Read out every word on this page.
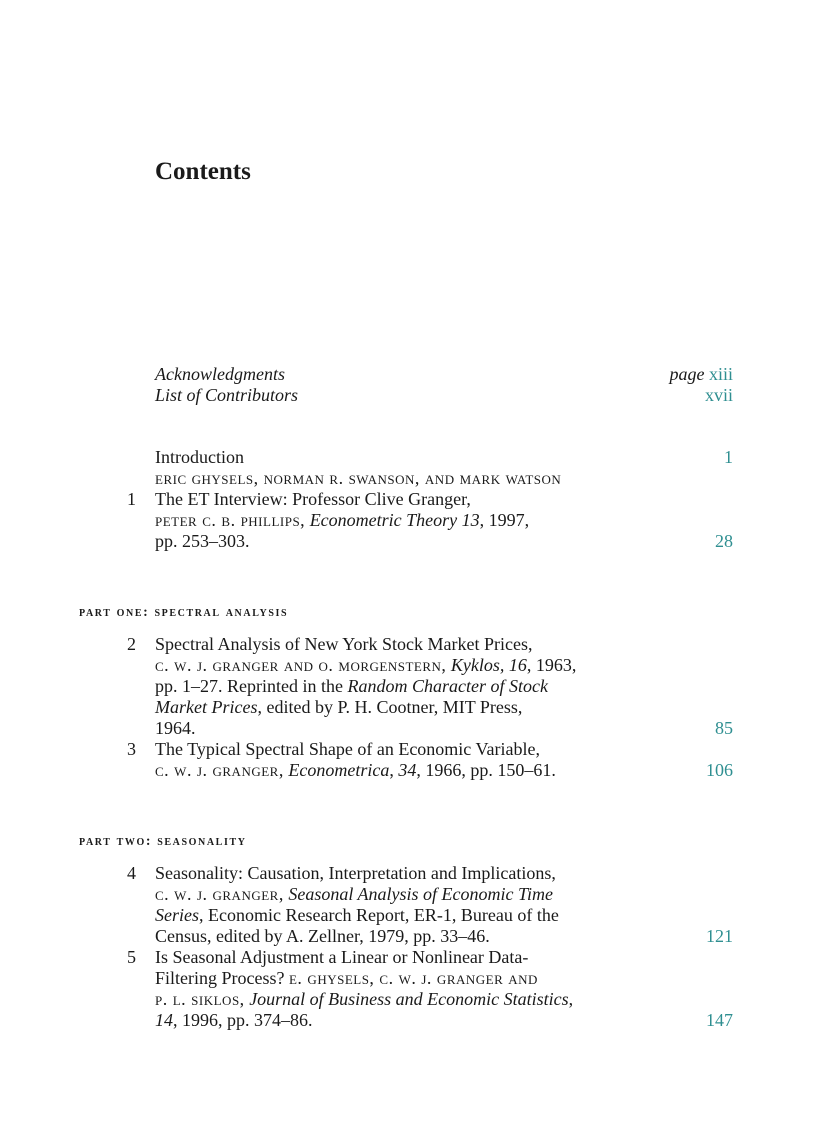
Contents
Acknowledgments	page xiii
List of Contributors	xvii
Introduction	1
eric ghysels, norman r. swanson, and mark watson
1 The ET Interview: Professor Clive Granger,
peter c. b. phillips, Econometric Theory 13, 1997,
pp. 253–303.	28
part one: spectral analysis
2 Spectral Analysis of New York Stock Market Prices,
c. w. j. granger and o. morgenstern, Kyklos, 16, 1963,
pp. 1–27. Reprinted in the Random Character of Stock
Market Prices, edited by P. H. Cootner, MIT Press,
1964.	85
3 The Typical Spectral Shape of an Economic Variable,
c. w. j. granger, Econometrica, 34, 1966, pp. 150–61.	106
part two: seasonality
4 Seasonality: Causation, Interpretation and Implications,
c. w. j. granger, Seasonal Analysis of Economic Time
Series, Economic Research Report, ER-1, Bureau of the
Census, edited by A. Zellner, 1979, pp. 33–46.	121
5 Is Seasonal Adjustment a Linear or Nonlinear Data-
Filtering Process? e. ghysels, c. w. j. granger and
p. l. siklos, Journal of Business and Economic Statistics,
14, 1996, pp. 374–86.	147
